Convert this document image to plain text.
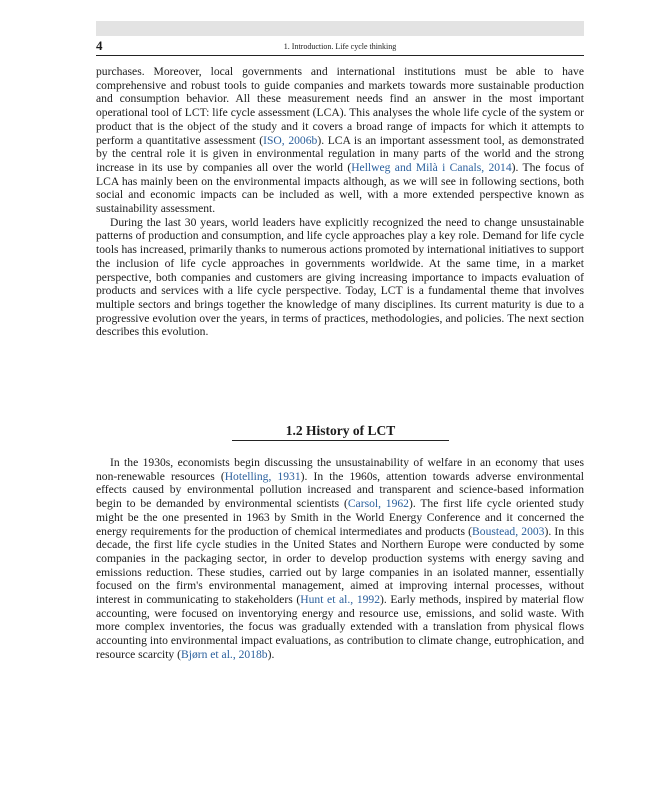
4	1. Introduction. Life cycle thinking

purchases. Moreover, local governments and international institutions must be able to have comprehensive and robust tools to guide companies and markets towards more sustainable production and consumption behavior. All these measurement needs find an answer in the most important operational tool of LCT: life cycle assessment (LCA). This analyses the whole life cycle of the system or product that is the object of the study and it covers a broad range of impacts for which it attempts to perform a quantitative assessment (ISO, 2006b). LCA is an important assessment tool, as demonstrated by the central role it is given in environmental regulation in many parts of the world and the strong increase in its use by companies all over the world (Hellweg and Milà i Canals, 2014). The focus of LCA has mainly been on the environmental impacts although, as we will see in following sections, both social and economic impacts can be included as well, with a more extended perspective known as sustainability assessment.

During the last 30 years, world leaders have explicitly recognized the need to change unsustainable patterns of production and consumption, and life cycle approaches play a key role. Demand for life cycle tools has increased, primarily thanks to numerous actions promoted by international initiatives to support the inclusion of life cycle approaches in governments worldwide. At the same time, in a market perspective, both companies and customers are giving increasing importance to impacts evaluation of products and services with a life cycle perspective. Today, LCT is a fundamental theme that involves multiple sectors and brings together the knowledge of many disciplines. Its current maturity is due to a progressive evolution over the years, in terms of practices, methodologies, and policies. The next section describes this evolution.

1.2 History of LCT

In the 1930s, economists begin discussing the unsustainability of welfare in an economy that uses non-renewable resources (Hotelling, 1931). In the 1960s, attention towards adverse environmental effects caused by environmental pollution increased and transparent and science-based information begin to be demanded by environmental scientists (Carsol, 1962). The first life cycle oriented study might be the one presented in 1963 by Smith in the World Energy Conference and it concerned the energy requirements for the production of chemical intermediates and products (Boustead, 2003). In this decade, the first life cycle studies in the United States and Northern Europe were conducted by some companies in the packaging sector, in order to develop production systems with energy saving and emissions reduction. These studies, carried out by large companies in an isolated manner, essentially focused on the firm's environmental management, aimed at improving internal processes, without interest in communicating to stakeholders (Hunt et al., 1992). Early methods, inspired by material flow accounting, were focused on inventorying energy and resource use, emissions, and solid waste. With more complex inventories, the focus was gradually extended with a translation from physical flows accounting into environmental impact evaluations, as contribution to climate change, eutrophication, and resource scarcity (Bjørn et al., 2018b).
